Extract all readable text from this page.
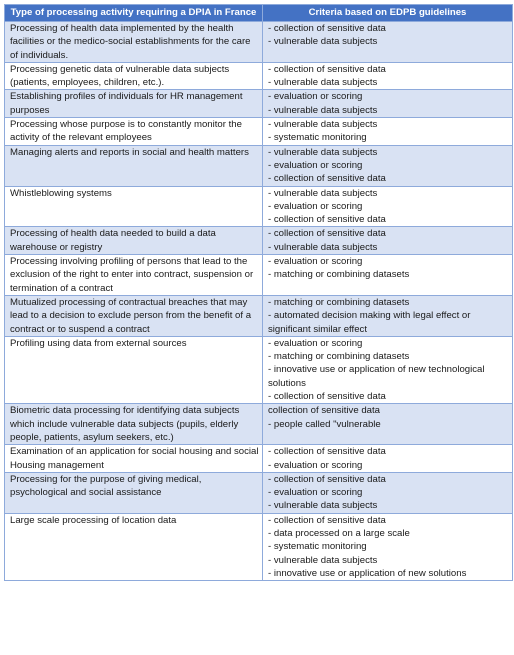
Type of processing activity requiring a DPIA in France	Criteria based on EDPB guidelines
Processing of health data implemented by the health facilities or the medico-social establishments for the care of individuals.	- collection of sensitive data
- vulnerable data subjects

Processing genetic data of vulnerable data subjects (patients, employees, children, etc.).	- collection of sensitive data
- vulnerable data subjects

Establishing profiles of individuals for HR management purposes	- evaluation or scoring
- vulnerable data subjects

Processing whose purpose is to constantly monitor the activity of the relevant employees	- vulnerable data subjects
- systematic monitoring

Managing alerts and reports in social and health matters	- vulnerable data subjects
- evaluation or scoring
- collection of sensitive data

Whistleblowing systems	- vulnerable data subjects
- evaluation or scoring
- collection of sensitive data

Processing of health data needed to build a data warehouse or registry	- collection of sensitive data
- vulnerable data subjects

Processing involving profiling of persons that lead to the exclusion of the right to enter into contract, suspension or termination of a contract	- evaluation or scoring
- matching or combining datasets

Mutualized processing of contractual breaches that may lead to a decision to exclude person from the benefit of a contract or to suspend a contract	- matching or combining datasets
- automated decision making with legal effect or significant similar effect

Profiling using data from external sources	- evaluation or scoring
- matching or combining datasets
- innovative use or application of new technological solutions
- collection of sensitive data

Biometric data processing for identifying data subjects which include vulnerable data subjects (pupils, elderly people, patients, asylum seekers, etc.)	collection of sensitive data
- people called "vulnerable

Examination of an application for social housing and social Housing management	- collection of sensitive data
- evaluation or scoring

Processing for the purpose of giving medical, psychological and social assistance	- collection of sensitive data
- evaluation or scoring
- vulnerable data subjects

Large scale processing of location data	- collection of sensitive data
- data processed on a large scale
- systematic monitoring
- vulnerable data subjects
- innovative use or application of new solutions
